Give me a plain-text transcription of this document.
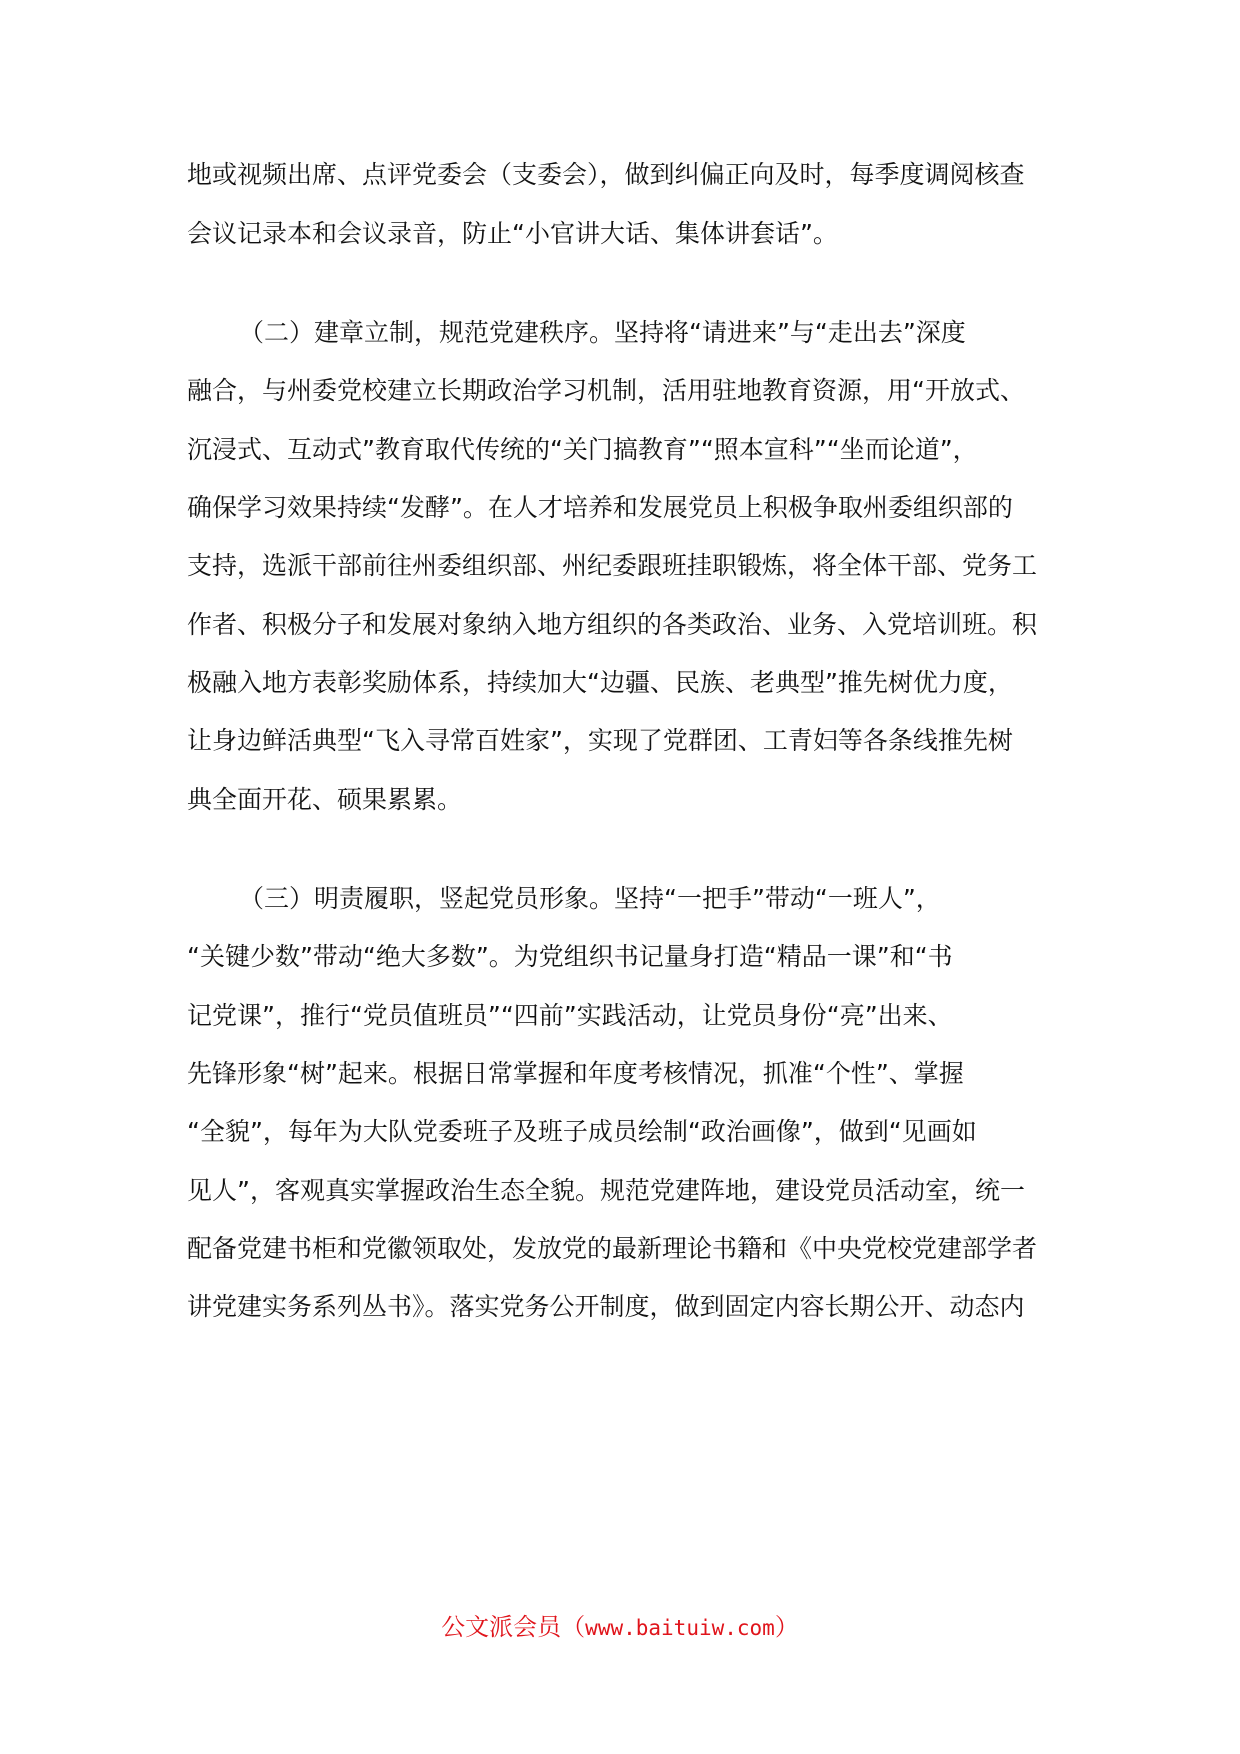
地或视频出席、点评党委会（支委会），做到纠偏正向及时，每季度调阅核查
会议记录本和会议录音，防止“小官讲大话、集体讲套话”。
（二）建章立制，规范党建秩序。坚持将“请进来”与“走出去”深度
融合，与州委党校建立长期政治学习机制，活用驻地教育资源，用“开放式、
沉浸式、互动式”教育取代传统的“关门搞教育”“照本宣科”“坐而论道”，
确保学习效果持续“发酵”。在人才培养和发展党员上积极争取州委组织部的
支持，选派干部前往州委组织部、州纪委跟班挂职锻炼，将全体干部、党务工
作者、积极分子和发展对象纳入地方组织的各类政治、业务、入党培训班。积
极融入地方表彰奖励体系，持续加大“边疆、民族、老典型”推先树优力度，
让身边鲜活典型“飞入寻常百姓家”，实现了党群团、工青妇等各条线推先树
典全面开花、硕果累累。
（三）明责履职，竖起党员形象。坚持“一把手”带动“一班人”，
“关键少数”带动“绝大多数”。为党组织书记量身打造“精品一课”和“书
记党课”，推行“党员值班员”“四前”实践活动，让党员身份“亮”出来、
先锋形象“树”起来。根据日常掌握和年度考核情况，抓准“个性”、掌握
“全貌”，每年为大队党委班子及班子成员绘制“政治画像”，做到“见画如
见人”，客观真实掌握政治生态全貌。规范党建阵地，建设党员活动室，统一
配备党建书柜和党徽领取处，发放党的最新理论书籍和《中央党校党建部学者
讲党建实务系列丛书》。落实党务公开制度，做到固定内容长期公开、动态内
公文派会员（www.baituiw.com）
